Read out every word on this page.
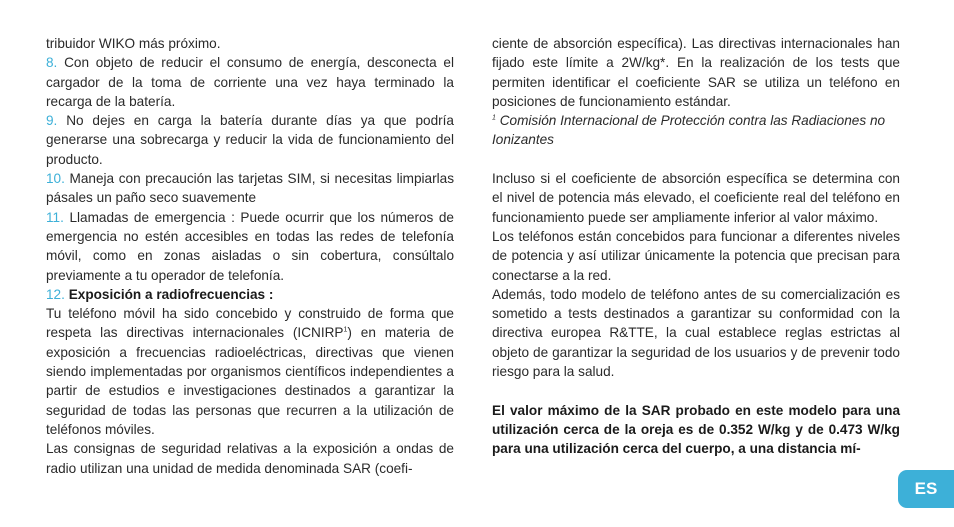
tribuidor WIKO más próximo.

8. Con objeto de reducir el consumo de energía, desconecta el cargador de la toma de corriente una vez haya terminado la recarga de la batería.

9. No dejes en carga la batería durante días ya que podría generarse una sobrecarga y reducir la vida de funcionamiento del producto.

10. Maneja con precaución las tarjetas SIM, si necesitas limpiarlas pásales un paño seco suavemente

11. Llamadas de emergencia : Puede ocurrir que los números de emergencia no estén accesibles en todas las redes de telefonía móvil, como en zonas aisladas o sin cobertura, consúltalo previamente a tu operador de telefonía.

12. Exposición a radiofrecuencias :

Tu teléfono móvil ha sido concebido y construido de forma que respeta las directivas internacionales (ICNIRP$^1$) en materia de exposición a frecuencias radioeléctricas, directivas que vienen siendo implementadas por organismos científicos independientes a partir de estudios e investigaciones destinados a garantizar la seguridad de todas las personas que recurren a la utilización de teléfonos móviles.

Las consignas de seguridad relativas a la exposición a ondas de radio utilizan una unidad de medida denominada SAR (coefi-

ciente de absorción específica). Las directivas internacionales han fijado este límite a 2W/kg*. En la realización de los tests que permiten identificar el coeficiente SAR se utiliza un teléfono en posiciones de funcionamiento estándar.

$^1$ Comisión Internacional de Protección contra las Radiaciones no Ionizantes

Incluso si el coeficiente de absorción específica se determina con el nivel de potencia más elevado, el coeficiente real del teléfono en funcionamiento puede ser ampliamente inferior al valor máximo.

Los teléfonos están concebidos para funcionar a diferentes niveles de potencia y así utilizar únicamente la potencia que precisan para conectarse a la red.

Además, todo modelo de teléfono antes de su comercialización es sometido a tests destinados a garantizar su conformidad con la directiva europea R&TTE, la cual establece reglas estrictas al objeto de garantizar la seguridad de los usuarios y de prevenir todo riesgo para la salud.

El valor máximo de la SAR probado en este modelo para una utilización cerca de la oreja es de 0.352 W/kg y de 0.473 W/kg para una utilización cerca del cuerpo, a una distancia mí-

ES
